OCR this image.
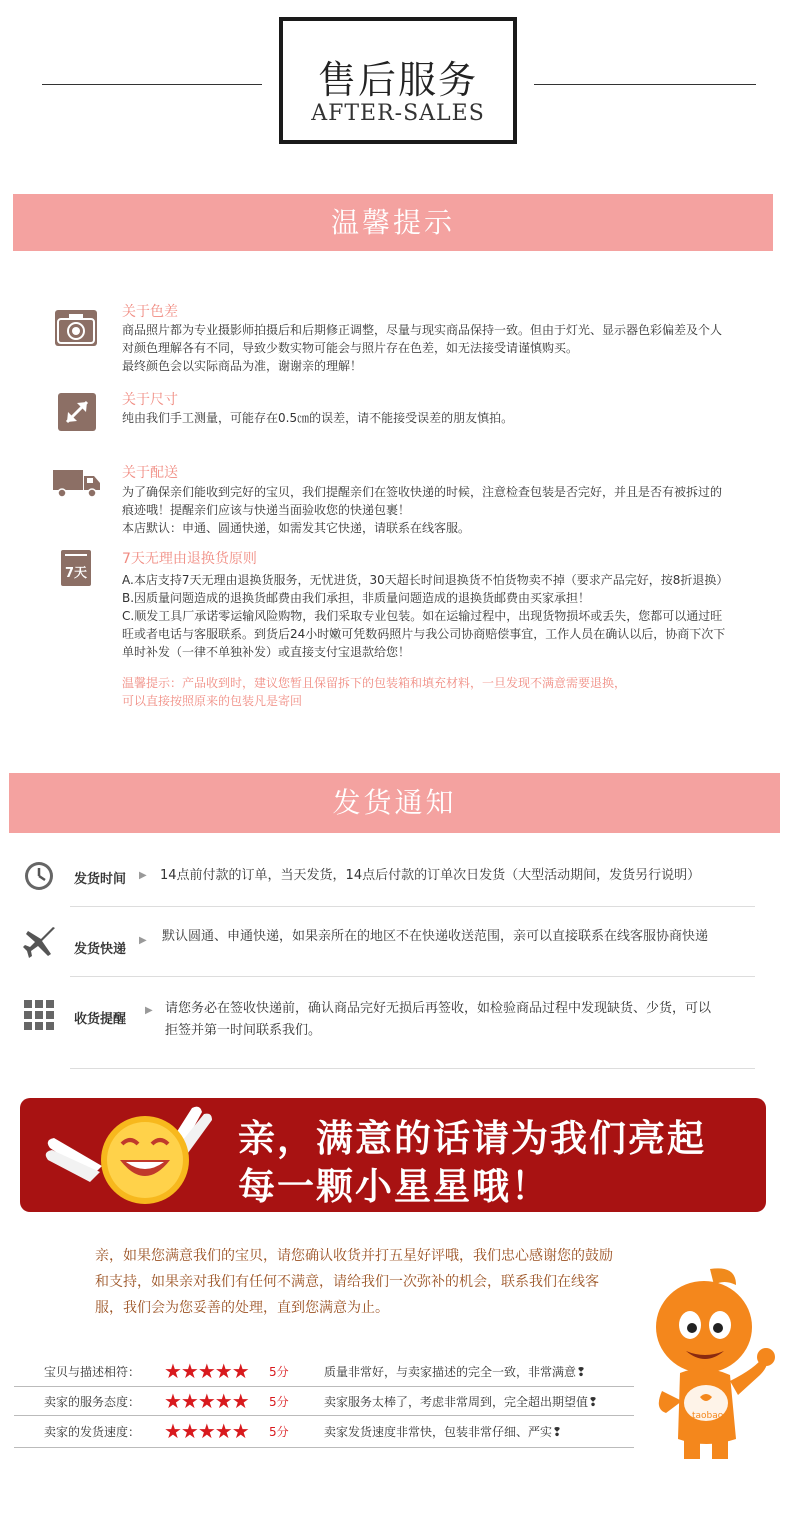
售后服务
AFTER-SALES
温馨提示
关于色差
商品照片都为专业摄影师拍摄后和后期修正调整，尽量与现实商品保持一致。但由于灯光、显示器色彩偏差及个人
对颜色理解各有不同，导致少数实物可能会与照片存在色差，如无法接受请谨慎购买。
最终颜色会以实际商品为准，谢谢亲的理解！
关于尺寸
纯由我们手工测量，可能存在0.5㎝的误差，请不能接受误差的朋友慎拍。
关于配送
为了确保亲们能收到完好的宝贝，我们提醒亲们在签收快递的时候，注意检查包装是否完好，并且是否有被拆过的
痕迹哦！提醒亲们应该与快递当面验收您的快递包裹！
本店默认：申通、圆通快递，如需发其它快递，请联系在线客服。
7天
7天无理由退换货原则
A.本店支持7天无理由退换货服务，无忧进货，30天超长时间退换货不怕货物卖不掉（要求产品完好，按8折退换）
B.因质量问题造成的退换货邮费由我们承担，非质量问题造成的退换货邮费由买家承担！
C.顺发工具厂承诺零运输风险购物，我们采取专业包装。如在运输过程中，出现货物损坏或丢失，您都可以通过旺
旺或者电话与客服联系。到货后24小时嫩可凭数码照片与我公司协商赔偿事宜，工作人员在确认以后，协商下次下
单时补发（一律不单独补发）或直接支付宝退款给您！
温馨提示：产品收到时，建议您暂且保留拆下的包装箱和填充材料，一旦发现不满意需要退换，
可以直接按照原来的包装凡是寄回
发货通知
发货时间 ▶ 14点前付款的订单，当天发货，14点后付款的订单次日发货（大型活动期间，发货另行说明）
发货快递
▶ 默认圆通、申通快递，如果亲所在的地区不在快递收送范围，亲可以直接联系在线客服协商快递
收货提醒
▶ 请您务必在签收快递前，确认商品完好无损后再签收，如检验商品过程中发现缺货、少货，可以
拒签并第一时间联系我们。
亲，满意的话请为我们亮起
每一颗小星星哦！
亲，如果您满意我们的宝贝，请您确认收货并打五星好评哦，我们忠心感谢您的鼓励和支持，如果亲对我们有任何不满意，请给我们一次弥补的机会，联系我们在线客服，我们会为您妥善的处理，直到您满意为止。
宝贝与描述相符： ★★★★★ 5分	质量非常好，与卖家描述的完全一致，非常满意❢
卖家的服务态度： ★★★★★ 5分	卖家服务太棒了，考虑非常周到，完全超出期望值❢
卖家的发货速度： ★★★★★ 5分	卖家发货速度非常快，包装非常仔细、严实❢
taobao
